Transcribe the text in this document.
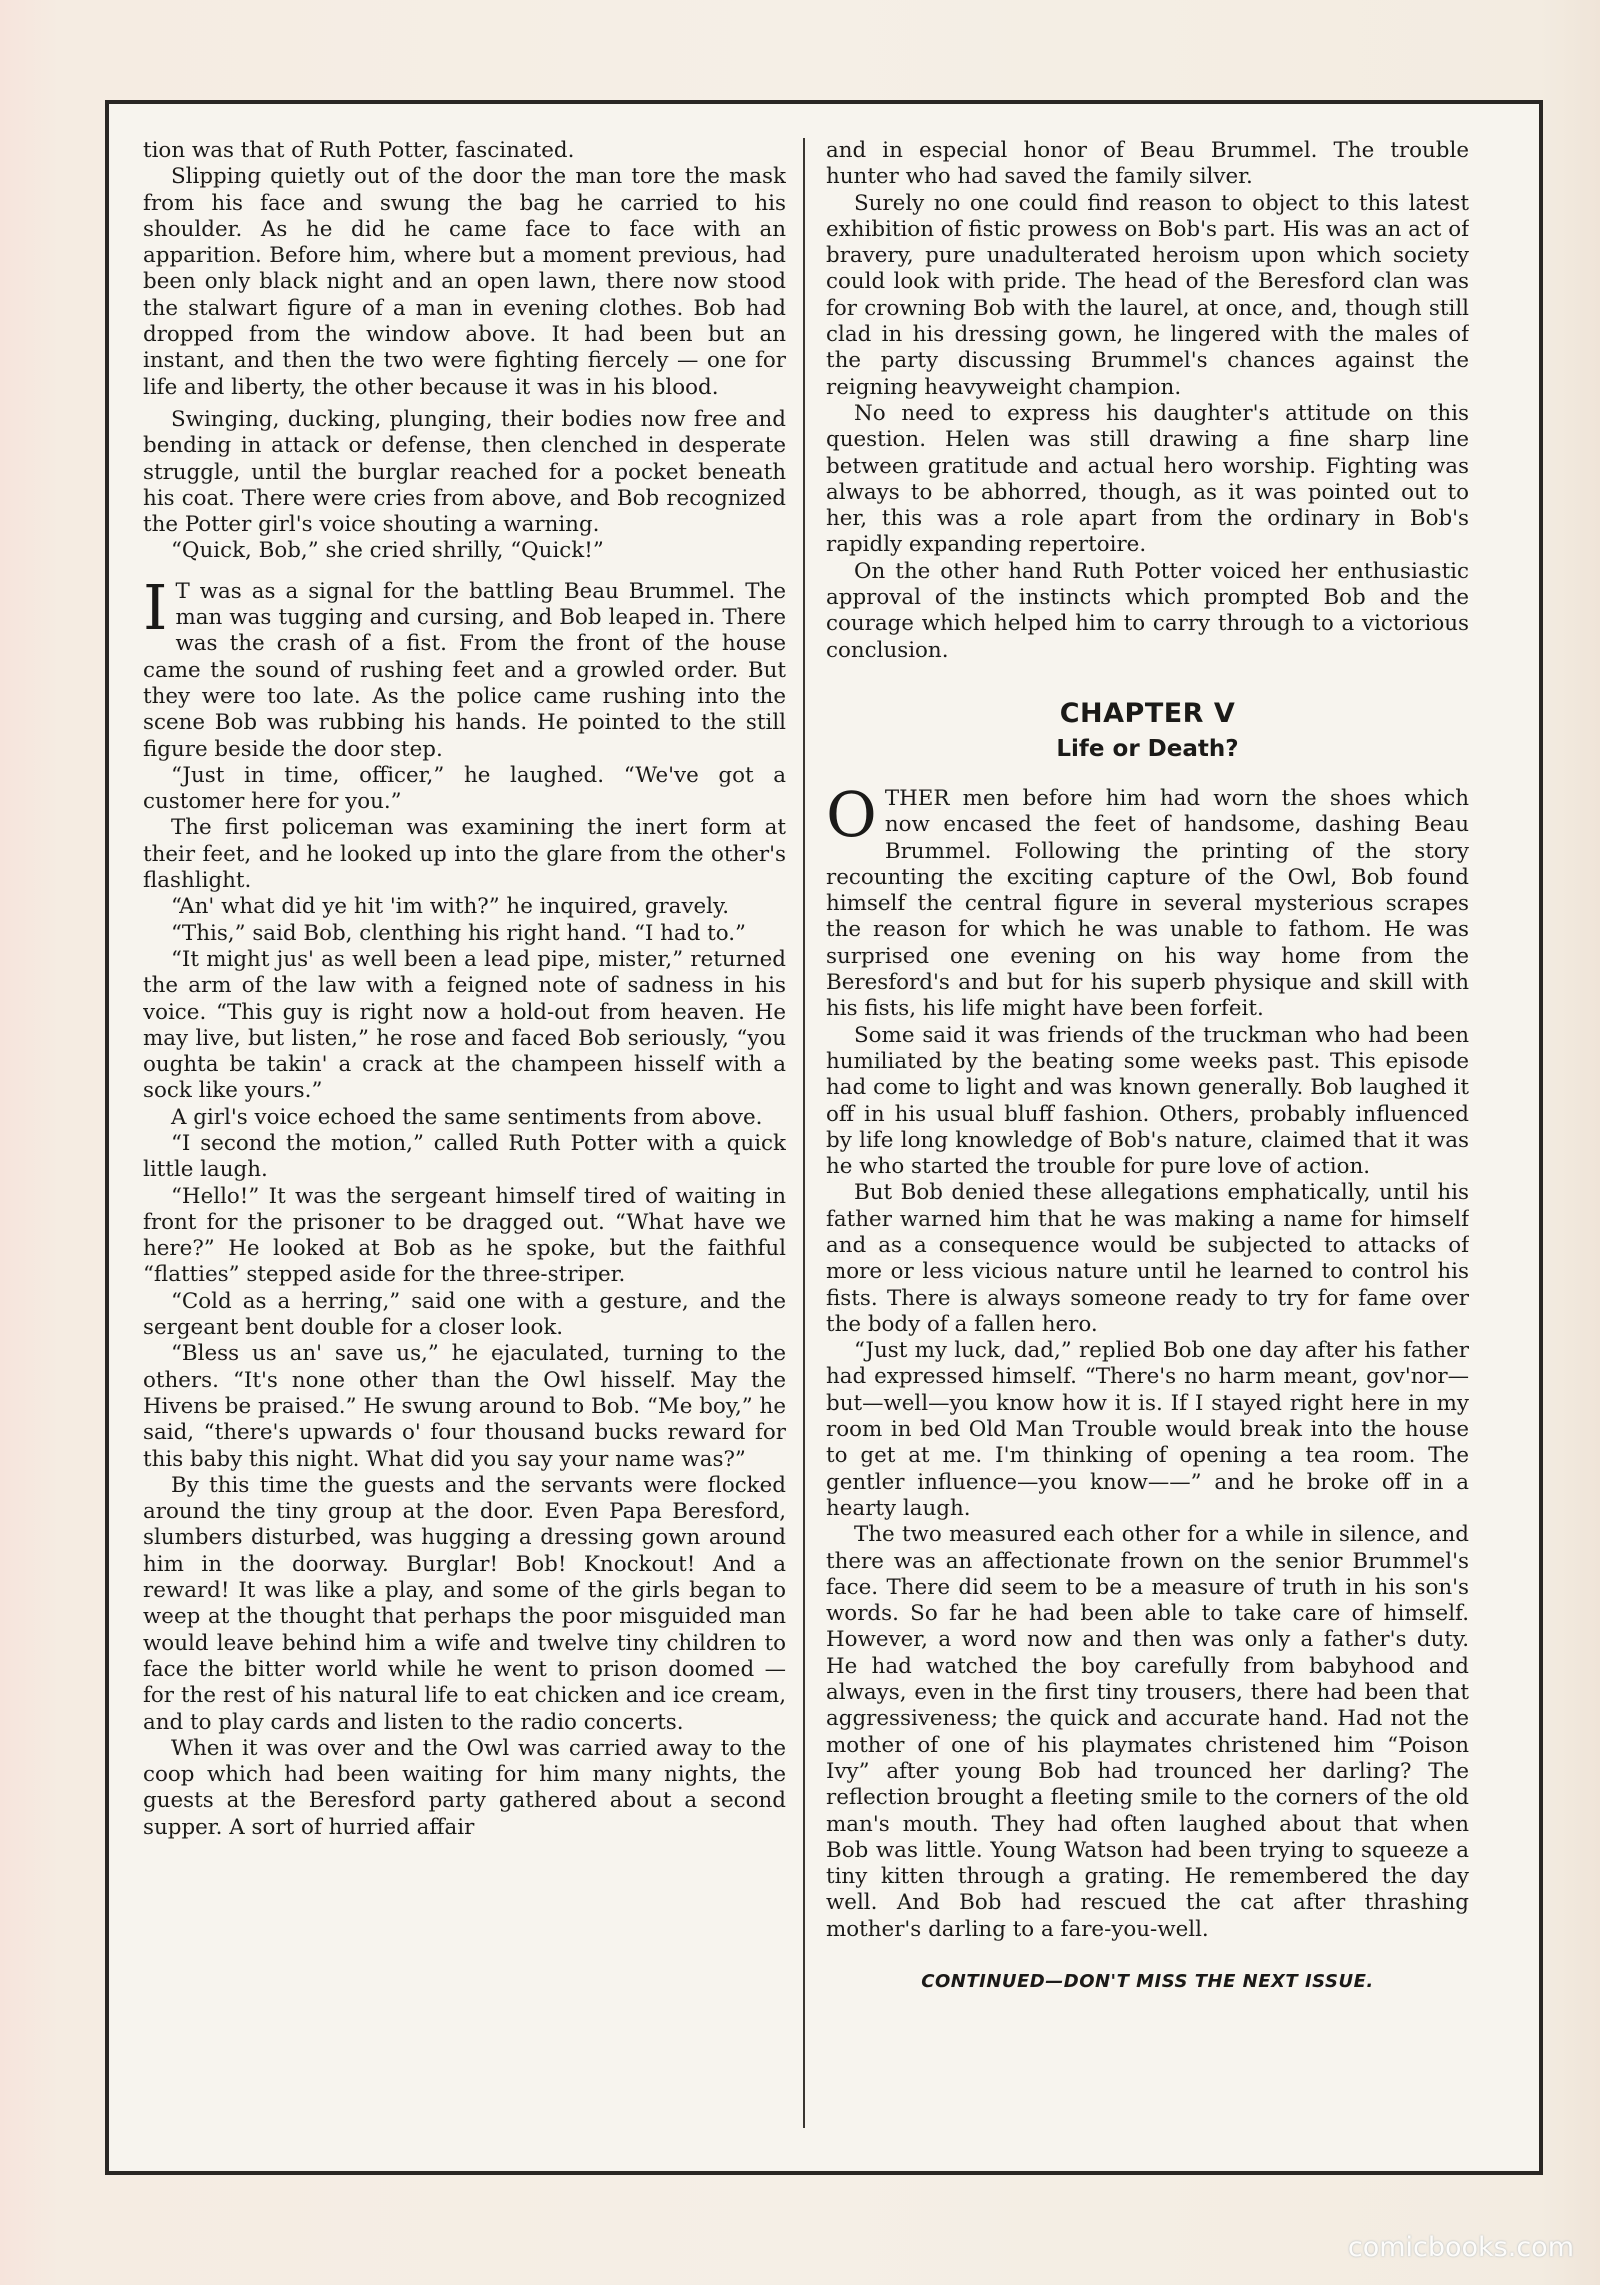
tion was that of Ruth Potter, fascinated.

Slipping quietly out of the door the man tore the mask from his face and swung the bag he carried to his shoulder. As he did he came face to face with an apparition. Before him, where but a moment previous, had been only black night and an open lawn, there now stood the stalwart figure of a man in evening clothes. Bob had dropped from the window above. It had been but an instant, and then the two were fighting fiercely — one for life and liberty, the other because it was in his blood.

Swinging, ducking, plunging, their bodies now free and bending in attack or defense, then clenched in desperate struggle, until the burglar reached for a pocket beneath his coat. There were cries from above, and Bob recognized the Potter girl's voice shouting a warning.

“Quick, Bob,” she cried shrilly, “Quick!”

I T was as a signal for the battling Beau Brummel. The man was tugging and cursing, and Bob leaped in. There was the crash of a fist. From the front of the house came the sound of rushing feet and a growled order. But they were too late. As the police came rushing into the scene Bob was rubbing his hands. He pointed to the still figure beside the door step.

“Just in time, officer,” he laughed. “We've got a customer here for you.”

The first policeman was examining the inert form at their feet, and he looked up into the glare from the other's flashlight.

“An' what did ye hit 'im with?” he inquired, gravely.

“This,” said Bob, clenthing his right hand. “I had to.”

“It might jus' as well been a lead pipe, mister,” returned the arm of the law with a feigned note of sadness in his voice. “This guy is right now a hold-out from heaven. He may live, but listen,” he rose and faced Bob seriously, “you oughta be takin' a crack at the champeen hisself with a sock like yours.”

A girl's voice echoed the same sentiments from above.

“I second the motion,” called Ruth Potter with a quick little laugh.

“Hello!” It was the sergeant himself tired of waiting in front for the prisoner to be dragged out. “What have we here?” He looked at Bob as he spoke, but the faithful “flatties” stepped aside for the three-striper.

“Cold as a herring,” said one with a gesture, and the sergeant bent double for a closer look.

“Bless us an' save us,” he ejaculated, turning to the others. “It's none other than the Owl hisself. May the Hivens be praised.” He swung around to Bob. “Me boy,” he said, “there's upwards o' four thousand bucks reward for this baby this night. What did you say your name was?”

By this time the guests and the servants were flocked around the tiny group at the door. Even Papa Beresford, slumbers disturbed, was hugging a dressing gown around him in the doorway. Burglar! Bob! Knockout! And a reward! It was like a play, and some of the girls began to weep at the thought that perhaps the poor misguided man would leave behind him a wife and twelve tiny children to face the bitter world while he went to prison doomed — for the rest of his natural life to eat chicken and ice cream, and to play cards and listen to the radio concerts.

When it was over and the Owl was carried away to the coop which had been waiting for him many nights, the guests at the Beresford party gathered about a second supper. A sort of hurried affair

and in especial honor of Beau Brummel. The trouble hunter who had saved the family silver.

Surely no one could find reason to object to this latest exhibition of fistic prowess on Bob's part. His was an act of bravery, pure unadulterated heroism upon which society could look with pride. The head of the Beresford clan was for crowning Bob with the laurel, at once, and, though still clad in his dressing gown, he lingered with the males of the party discussing Brummel's chances against the reigning heavyweight champion.

No need to express his daughter's attitude on this question. Helen was still drawing a fine sharp line between gratitude and actual hero worship. Fighting was always to be abhorred, though, as it was pointed out to her, this was a role apart from the ordinary in Bob's rapidly expanding repertoire.

On the other hand Ruth Potter voiced her enthusiastic approval of the instincts which prompted Bob and the courage which helped him to carry through to a victorious conclusion.

CHAPTER V
Life or Death?

OTHER men before him had worn the shoes which now encased the feet of handsome, dashing Beau Brummel. Following the printing of the story recounting the exciting capture of the Owl, Bob found himself the central figure in several mysterious scrapes the reason for which he was unable to fathom. He was surprised one evening on his way home from the Beresford's and but for his superb physique and skill with his fists, his life might have been forfeit.

Some said it was friends of the truckman who had been humiliated by the beating some weeks past. This episode had come to light and was known generally. Bob laughed it off in his usual bluff fashion. Others, probably influenced by life long knowledge of Bob's nature, claimed that it was he who started the trouble for pure love of action.

But Bob denied these allegations emphatically, until his father warned him that he was making a name for himself and as a consequence would be subjected to attacks of more or less vicious nature until he learned to control his fists. There is always someone ready to try for fame over the body of a fallen hero.

“Just my luck, dad,” replied Bob one day after his father had expressed himself. “There's no harm meant, gov'nor—but—well—you know how it is. If I stayed right here in my room in bed Old Man Trouble would break into the house to get at me. I'm thinking of opening a tea room. The gentler influence—you know——” and he broke off in a hearty laugh.

The two measured each other for a while in silence, and there was an affectionate frown on the senior Brummel's face. There did seem to be a measure of truth in his son's words. So far he had been able to take care of himself. However, a word now and then was only a father's duty. He had watched the boy carefully from babyhood and always, even in the first tiny trousers, there had been that aggressiveness; the quick and accurate hand. Had not the mother of one of his playmates christened him “Poison Ivy” after young Bob had trounced her darling? The reflection brought a fleeting smile to the corners of the old man's mouth. They had often laughed about that when Bob was little. Young Watson had been trying to squeeze a tiny kitten through a grating. He remembered the day well. And Bob had rescued the cat after thrashing mother's darling to a fare-you-well.

CONTINUED—DON'T MISS THE NEXT ISSUE.
comicbooks.com
